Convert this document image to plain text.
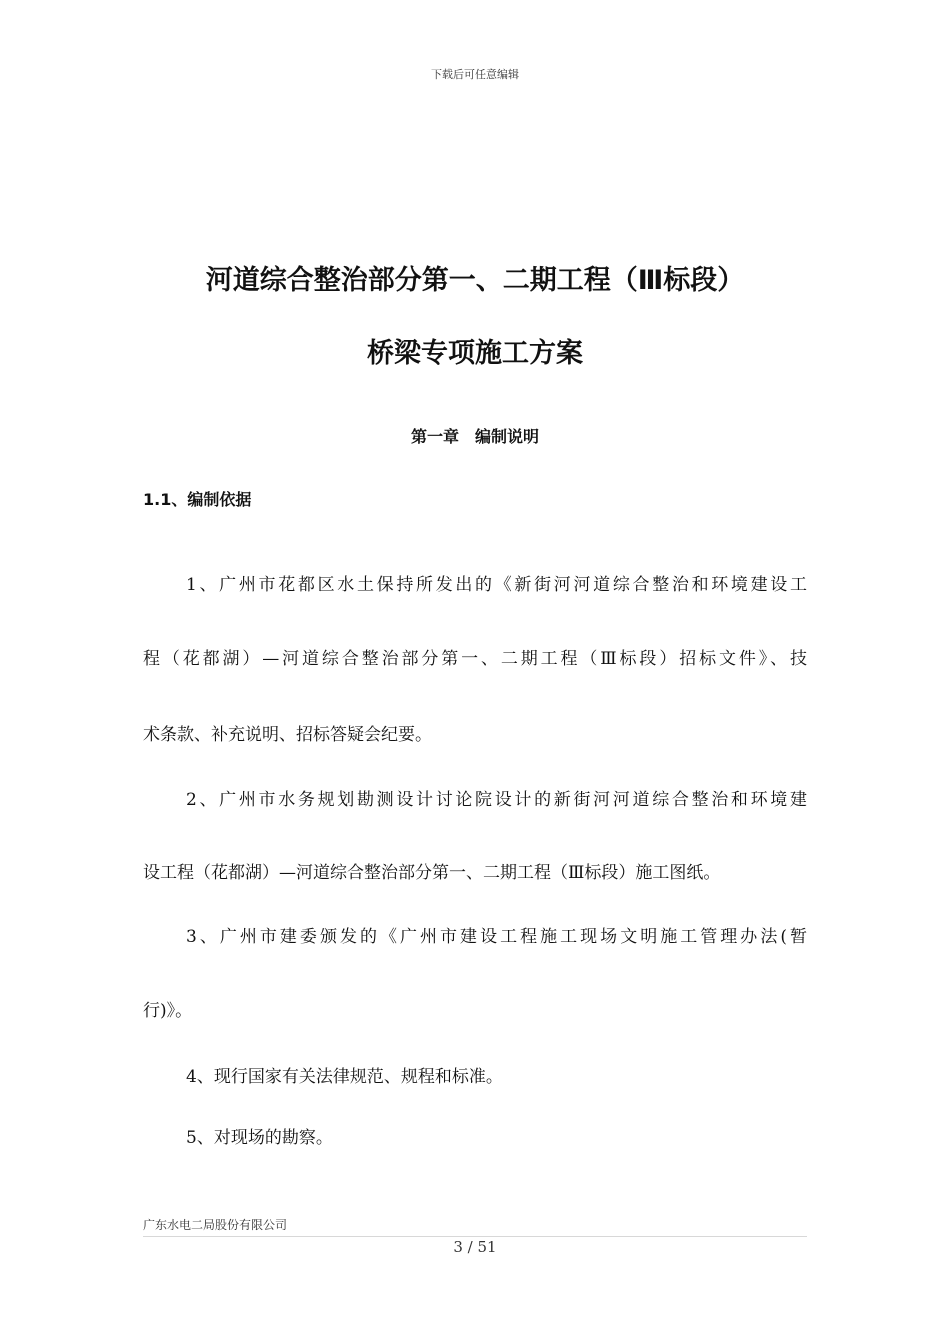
下载后可任意编辑
河道综合整治部分第一、二期工程（Ⅲ标段）
桥梁专项施工方案
第一章　编制说明
1.1、编制依据
1、广州市花都区水土保持所发出的《新街河河道综合整治和环境建设工
程（花都湖）—河道综合整治部分第一、二期工程（Ⅲ标段）招标文件》、技
术条款、补充说明、招标答疑会纪要。
2、广州市水务规划勘测设计讨论院设计的新街河河道综合整治和环境建
设工程（花都湖）—河道综合整治部分第一、二期工程（Ⅲ标段）施工图纸。
3、广州市建委颁发的《广州市建设工程施工现场文明施工管理办法(暂
行)》。
4、现行国家有关法律规范、规程和标准。
5、对现场的勘察。
广东水电二局股份有限公司
3 / 51
